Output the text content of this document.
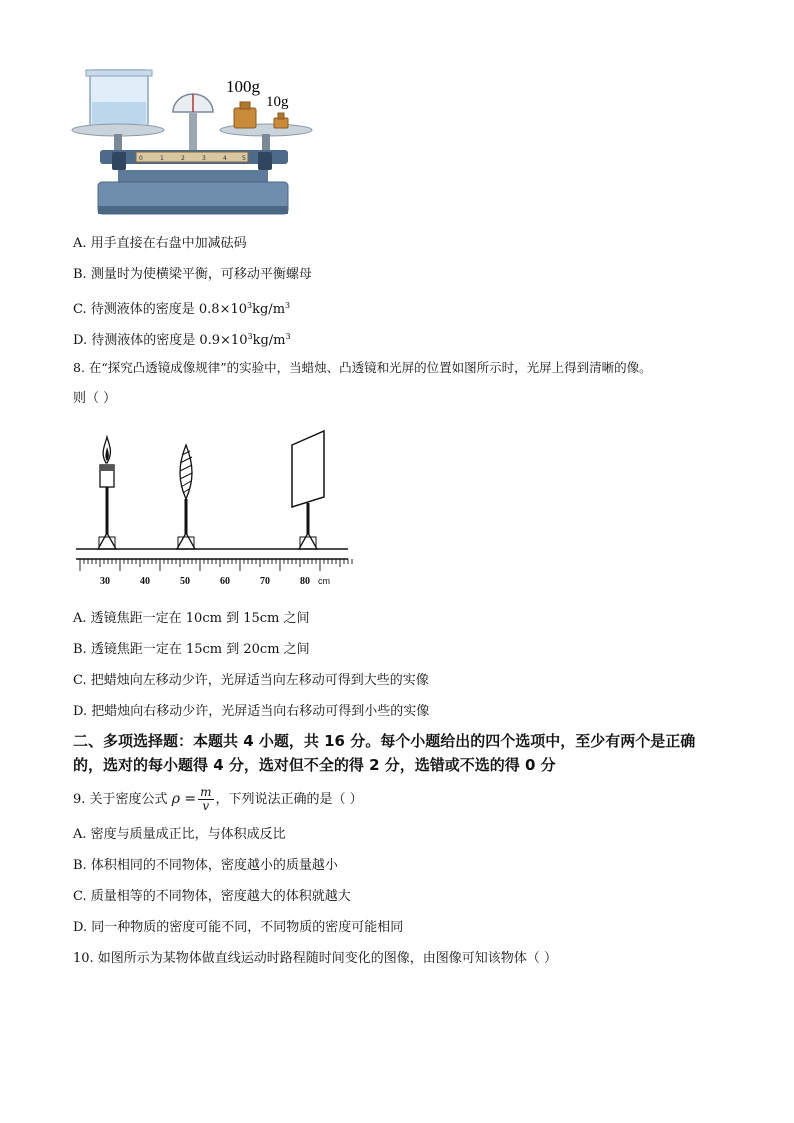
100g
10g
0	1	2	3	4	5
A. 用手直接在右盘中加减砝码
B. 测量时为使横梁平衡，可移动平衡螺母
C. 待测液体的密度是 $0.8\times 10^3kg/m^3$
D. 待测液体的密度是 $0.9\times 10^3kg/m^3$
8. 在“探究凸透镜成像规律”的实验中，当蜡烛、凸透镜和光屏的位置如图所示时，光屏上得到清晰的像。
则（ ）
30	40	50	60	70	80 cm
A. 透镜焦距一定在 10cm 到 15cm 之间
B. 透镜焦距一定在 15cm 到 20cm 之间
C. 把蜡烛向左移动少许，光屏适当向左移动可得到大些的实像
D. 把蜡烛向右移动少许，光屏适当向右移动可得到小些的实像
二、多项选择题：本题共 4 小题，共 16 分。每个小题给出的四个选项中，至少有两个是正确
的，选对的每小题得 4 分，选对但不全的得 2 分，选错或不选的得 0 分
9. 关于密度公式 $\rho = \frac{m}{v}$ ，下列说法正确的是（ ）
A. 密度与质量成正比，与体积成反比
B. 体积相同的不同物体，密度越小的质量越小
C. 质量相等的不同物体，密度越大的体积就越大
D. 同一种物质的密度可能不同，不同物质的密度可能相同
10. 如图所示为某物体做直线运动时路程随时间变化的图像，由图像可知该物体（ ）
